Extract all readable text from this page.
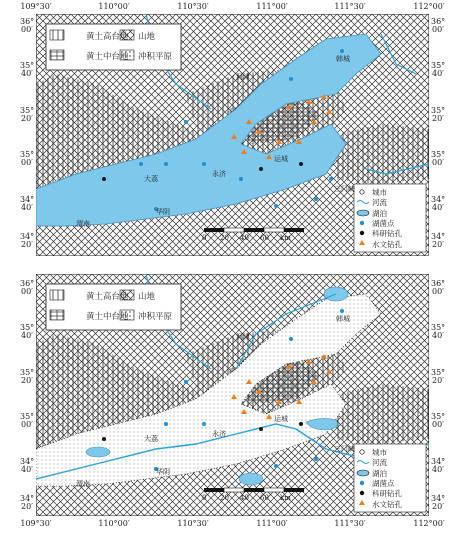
黄土高台地 山地
黄土中台地 冲积平原
城市
河流
湖泊
湖菌点
科研钻孔
水文钻孔
韩城
河津
运城
三门峡
大荔
永济
华阴
渭南
0 20 40 60 km
黄土高台地 山地
黄土中台地 冲积平原
城市
河流
湖泊
湖菌点
科研钻孔
水文钻孔
韩城
河津
运城
三门峡
大荔
永济
华阴
渭南
0 20 40 60 km
109°30′	110°00′	110°30′	111°00′	111°30′	112°00′
109°30′	110°00′	110°30′	111°00′	111°30′	112°00′
36°
00′
35°
40′
35°
20′
35°
00′
34°
40′
34°
20′
36°
00′
35°
40′
35°
20′
35°
00′
34°
40′
34°
20′
36°
00′
35°
40′
35°
20′
35°
00′
34°
40′
34°
20′
36°
00′
35°
40′
35°
20′
35°
00′
34°
40′
34°
20′
